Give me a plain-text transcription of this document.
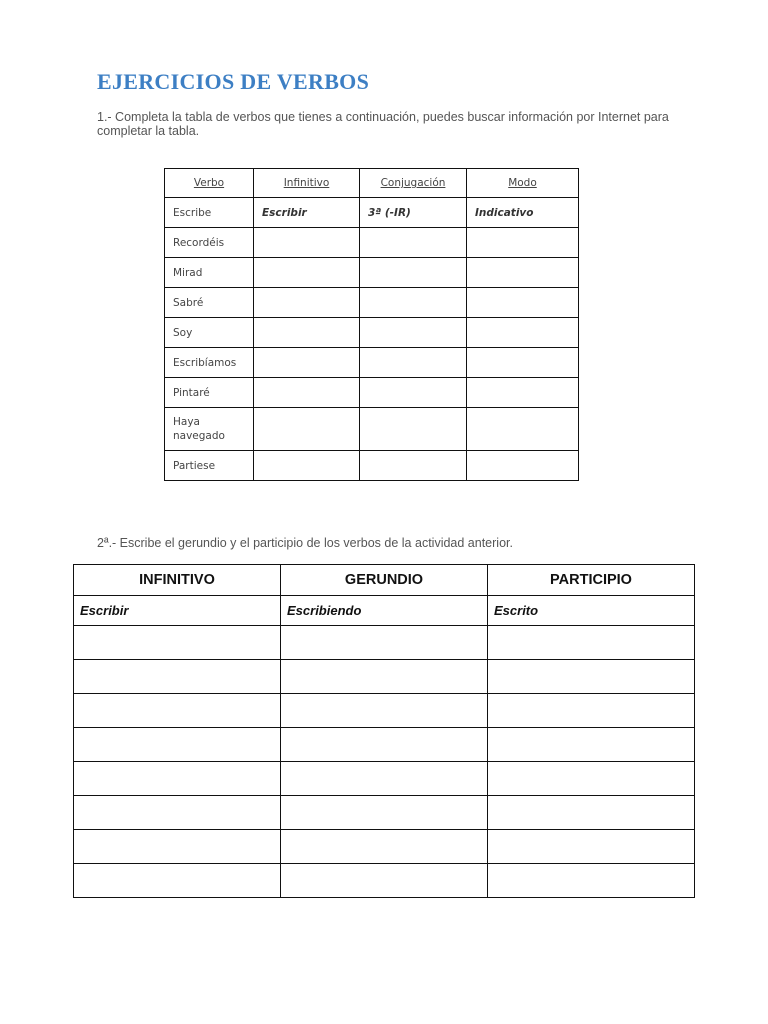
EJERCICIOS DE VERBOS

1.- Completa la tabla de verbos que tienes a continuación, puedes buscar información por Internet para completar la tabla.

Verbo	Infinitivo	Conjugación	Modo
Escribe	Escribir	3ª (-IR)	Indicativo
Recordéis			
Mirad			
Sabré			
Soy			
Escribíamos			
Pintaré			
Haya navegado			
Partiese			

2ª.- Escribe el gerundio y el participio de los verbos de la actividad anterior.

INFINITIVO	GERUNDIO	PARTICIPIO
Escribir	Escribiendo	Escrito
